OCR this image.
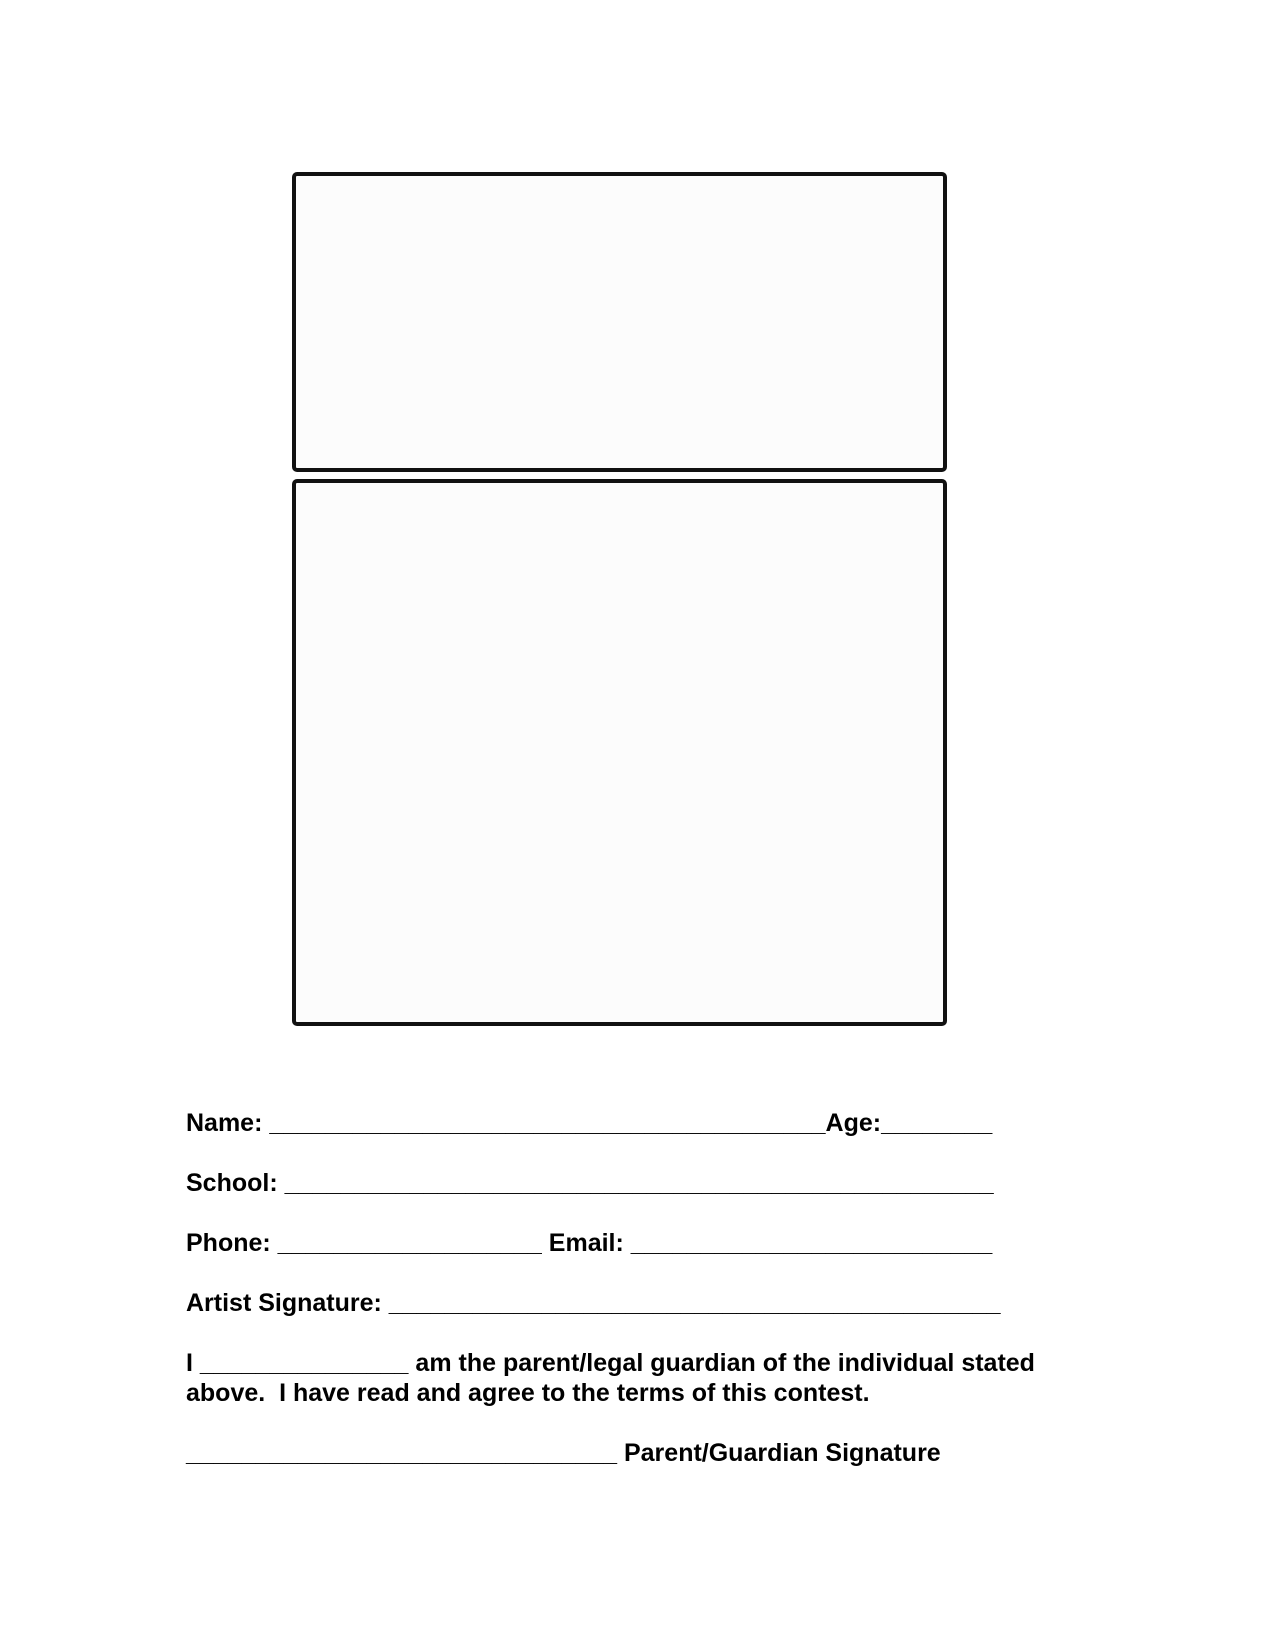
Name: ________________________________________Age:________
School: ___________________________________________________
Phone: ___________________ Email: __________________________
Artist Signature: ____________________________________________
I _______________ am the parent/legal guardian of the individual stated
above.  I have read and agree to the terms of this contest.
_______________________________ Parent/Guardian Signature
